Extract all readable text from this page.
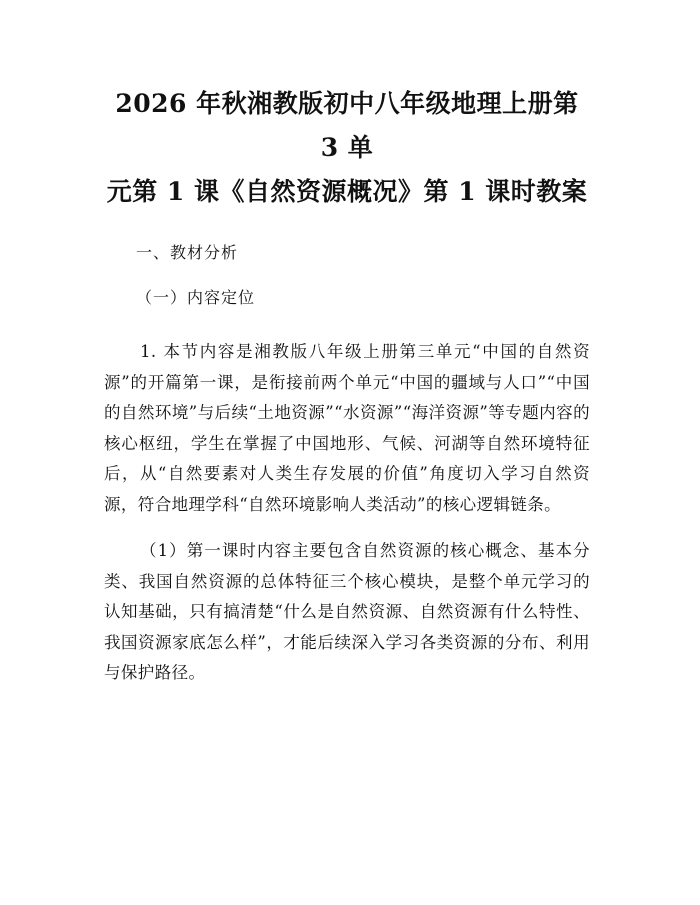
2026 年秋湘教版初中八年级地理上册第 3 单
元第 1 课《自然资源概况》第 1 课时教案
一、教材分析
（一）内容定位

1. 本节内容是湘教版八年级上册第三单元“中国的自然资源”的开篇第一课，是衔接前两个单元“中国的疆域与人口”“中国的自然环境”与后续“土地资源”“水资源”“海洋资源”等专题内容的核心枢纽，学生在掌握了中国地形、气候、河湖等自然环境特征后，从“自然要素对人类生存发展的价值”角度切入学习自然资源，符合地理学科“自然环境影响人类活动”的核心逻辑链条。

（1）第一课时内容主要包含自然资源的核心概念、基本分类、我国自然资源的总体特征三个核心模块，是整个单元学习的认知基础，只有搞清楚“什么是自然资源、自然资源有什么特性、我国资源家底怎么样”，才能后续深入学习各类资源的分布、利用与保护路径。
